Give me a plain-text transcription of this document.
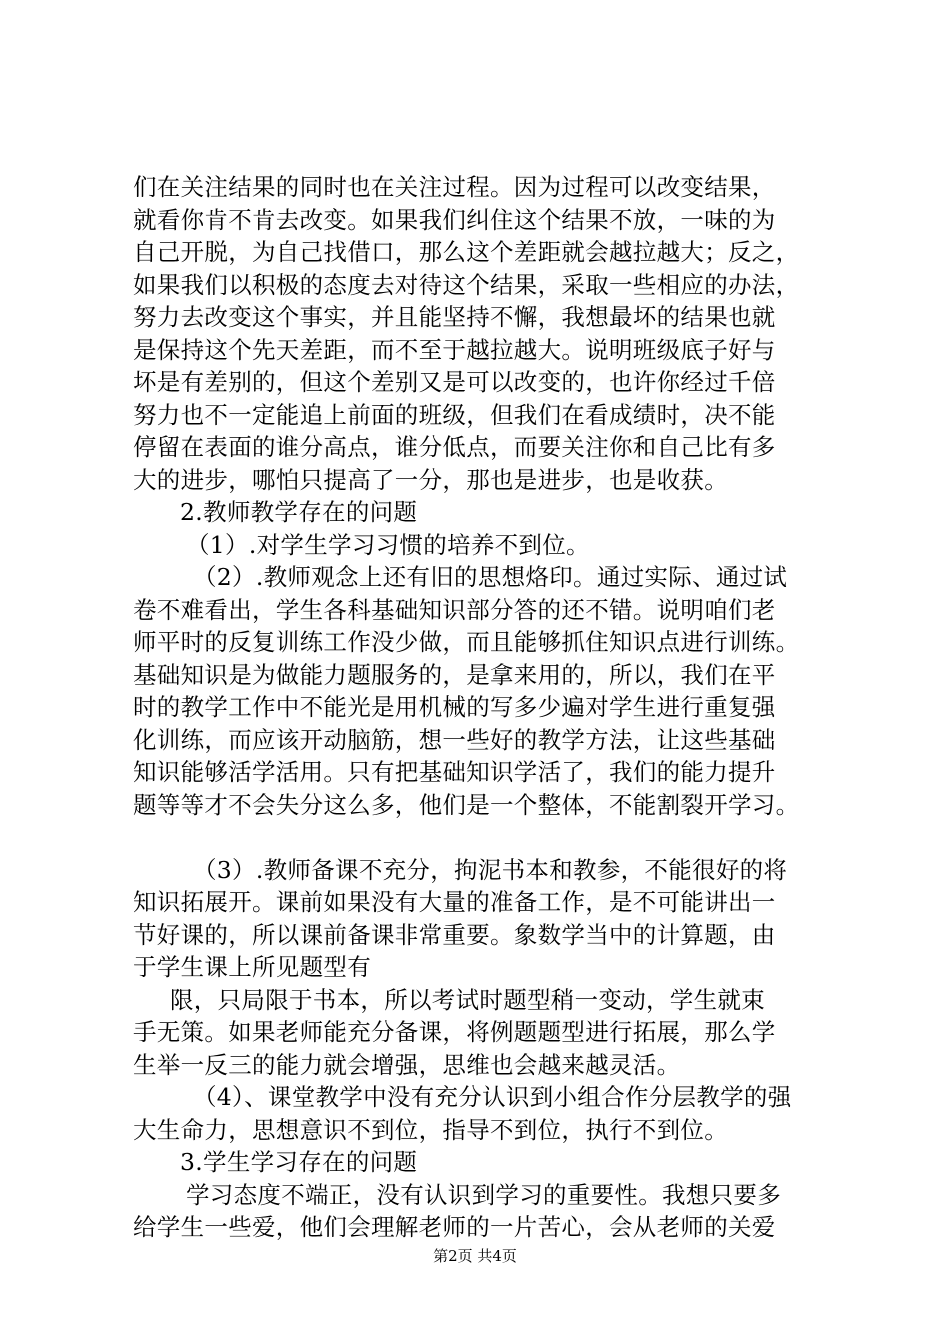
们在关注结果的同时也在关注过程。因为过程可以改变结果，
就看你肯不肯去改变。如果我们纠住这个结果不放，一味的为
自己开脱，为自己找借口，那么这个差距就会越拉越大；反之，
如果我们以积极的态度去对待这个结果，采取一些相应的办法，
努力去改变这个事实，并且能坚持不懈，我想最坏的结果也就
是保持这个先天差距，而不至于越拉越大。说明班级底子好与
坏是有差别的，但这个差别又是可以改变的，也许你经过千倍
努力也不一定能追上前面的班级，但我们在看成绩时，决不能
停留在表面的谁分高点，谁分低点，而要关注你和自己比有多
大的进步，哪怕只提高了一分，那也是进步，也是收获。
2.教师教学存在的问题
（1）.对学生学习习惯的培养不到位。
（2）.教师观念上还有旧的思想烙印。通过实际、通过试
卷不难看出，学生各科基础知识部分答的还不错。说明咱们老
师平时的反复训练工作没少做，而且能够抓住知识点进行训练。
基础知识是为做能力题服务的，是拿来用的，所以，我们在平
时的教学工作中不能光是用机械的写多少遍对学生进行重复强
化训练，而应该开动脑筋，想一些好的教学方法，让这些基础
知识能够活学活用。只有把基础知识学活了，我们的能力提升
题等等才不会失分这么多，他们是一个整体，不能割裂开学习。
（3）.教师备课不充分，拘泥书本和教参，不能很好的将
知识拓展开。课前如果没有大量的准备工作，是不可能讲出一
节好课的，所以课前备课非常重要。象数学当中的计算题，由
于学生课上所见题型有
限，只局限于书本，所以考试时题型稍一变动，学生就束
手无策。如果老师能充分备课，将例题题型进行拓展，那么学
生举一反三的能力就会增强，思维也会越来越灵活。
（4）、课堂教学中没有充分认识到小组合作分层教学的强
大生命力，思想意识不到位，指导不到位，执行不到位。
3.学生学习存在的问题
学习态度不端正，没有认识到学习的重要性。我想只要多
给学生一些爱，他们会理解老师的一片苦心，会从老师的关爱
第2页 共4页
